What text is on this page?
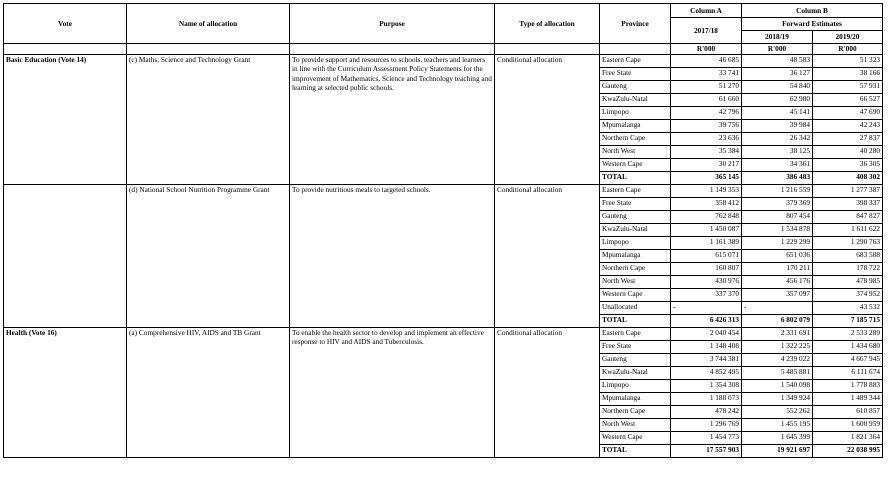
Vote	Name of allocation	Purpose	Type of allocation	Province	Column A	Column B	
					2017/18	Forward Estimates	
						2018/19	2019/20
					R'000	R'000	R'000
Basic Education (Vote 14)	(c) Maths, Science and Technology Grant	To provide support and resources to schools, teachers and learners in line with the Curriculum Assessment Policy Statements for the improvement of Mathematics, Science and Technology teaching and learning at selected public schools.	Conditional allocation	Eastern Cape	46 685	48 583	51 323
				Free State	33 741	36 127	38 166
				Gauteng	51 270	54 840	57 931
				KwaZulu-Natal	61 660	62 980	66 527
				Limpopo	42 796	45 141	47 690
				Mpumalanga	39 756	39 984	42 243
				Northern Cape	23 636	26 342	27 837
				North West	35 384	38 125	40 280
				Western Cape	30 217	34 361	36 305
				TOTAL	365 145	386 483	408 302
	(d) National School Nutrition Programme Grant	To provide nutritious meals to targeted schools.	Conditional allocation	Eastern Cape	1 149 353	1 216 559	1 277 387
				Free State	358 412	379 369	398 337
				Gauteng	762 848	807 454	847 827
				KwaZulu-Natal	1 450 087	1 534 878	1 611 622
				Limpopo	1 161 389	1 229 299	1 290 763
				Mpumalanga	615 071	651 036	683 588
				Northern Cape	160 807	170 211	178 722
				North West	430 976	456 176	478 985
				Western Cape	337 370	357 097	374 952
				Unallocated	-	-	43 532
				TOTAL	6 426 313	6 802 079	7 185 715
Health (Vote 16)	(a) Comprehensive HIV, AIDS and TB Grant	To enable the health sector to develop and implement an effective response to HIV and AIDS and Tuberculosis.	Conditional allocation	Eastern Cape	2 040 454	2 331 691	2 533 289
				Free State	1 148 408	1 322 225	1 434 680
				Gauteng	3 744 381	4 239 022	4 667 945
				KwaZulu-Natal	4 852 495	5 485 881	6 111 674
				Limpopo	1 354 308	1 540 098	1 778 883
				Mpumalanga	1 188 073	1 349 924	1 489 344
				Northern Cape	478 242	552 262	610 857
				North West	1 296 769	1 455 195	1 600 959
				Western Cape	1 454 773	1 645 399	1 821 364
				TOTAL	17 557 903	19 921 697	22 038 995
